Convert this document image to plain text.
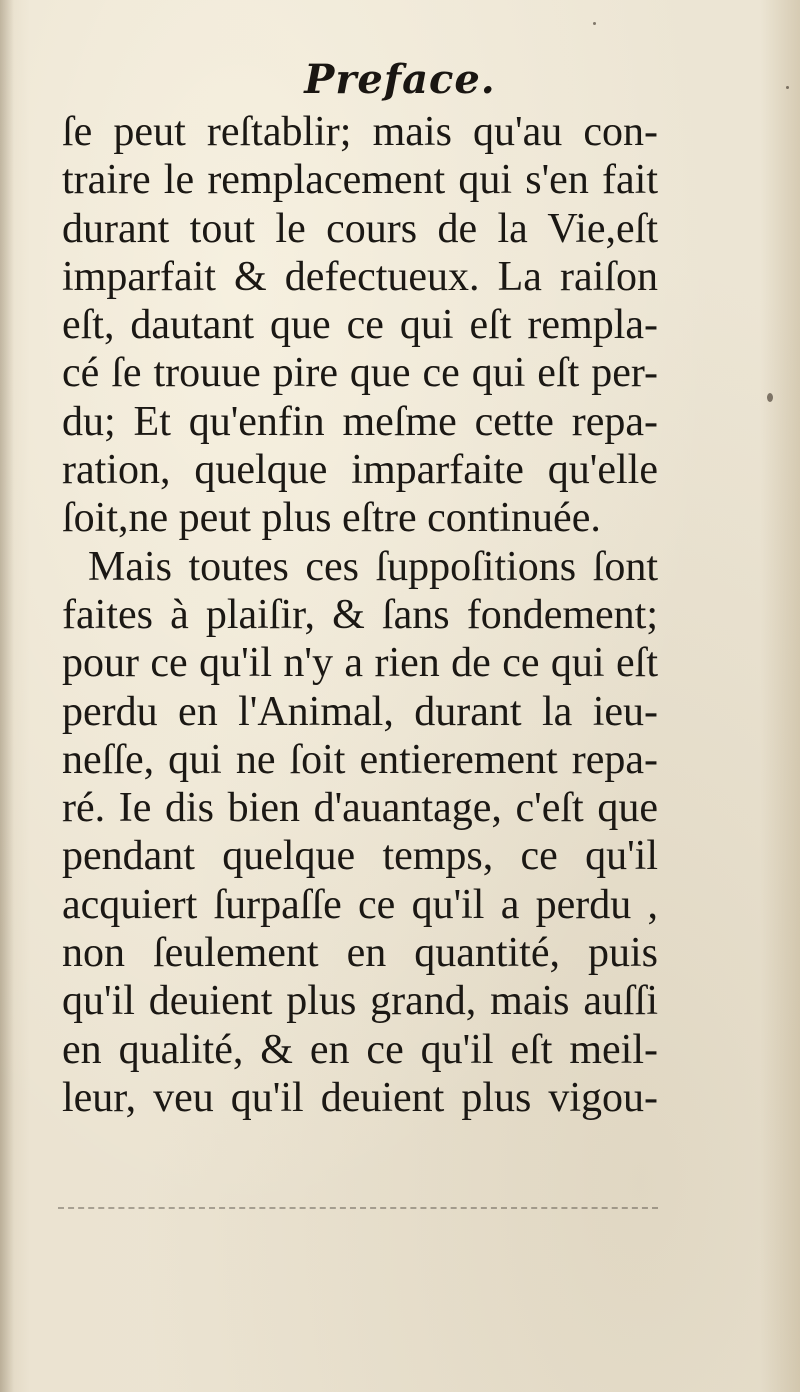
Preface.
ſe peut reſtablir; mais qu'au con-
traire le remplacement qui s'en fait
durant tout le cours de la Vie,eſt
imparfait & defectueux. La raiſon
eſt, dautant que ce qui eſt rempla-
cé ſe trouue pire que ce qui eſt per-
du; Et qu'enfin meſme cette repa-
ration, quelque imparfaite qu'elle
ſoit,ne peut plus eſtre continuée.
Mais toutes ces ſuppoſitions ſont
faites à plaiſir, & ſans fondement;
pour ce qu'il n'y a rien de ce qui eſt
perdu en l'Animal, durant la ieu-
neſſe, qui ne ſoit entierement repa-
ré. Ie dis bien d'auantage, c'eſt que
pendant quelque temps, ce qu'il
acquiert ſurpaſſe ce qu'il a perdu ,
non ſeulement en quantité, puis
qu'il deuient plus grand, mais auſſi
en qualité, & en ce qu'il eſt meil-
leur, veu qu'il deuient plus vigou-
